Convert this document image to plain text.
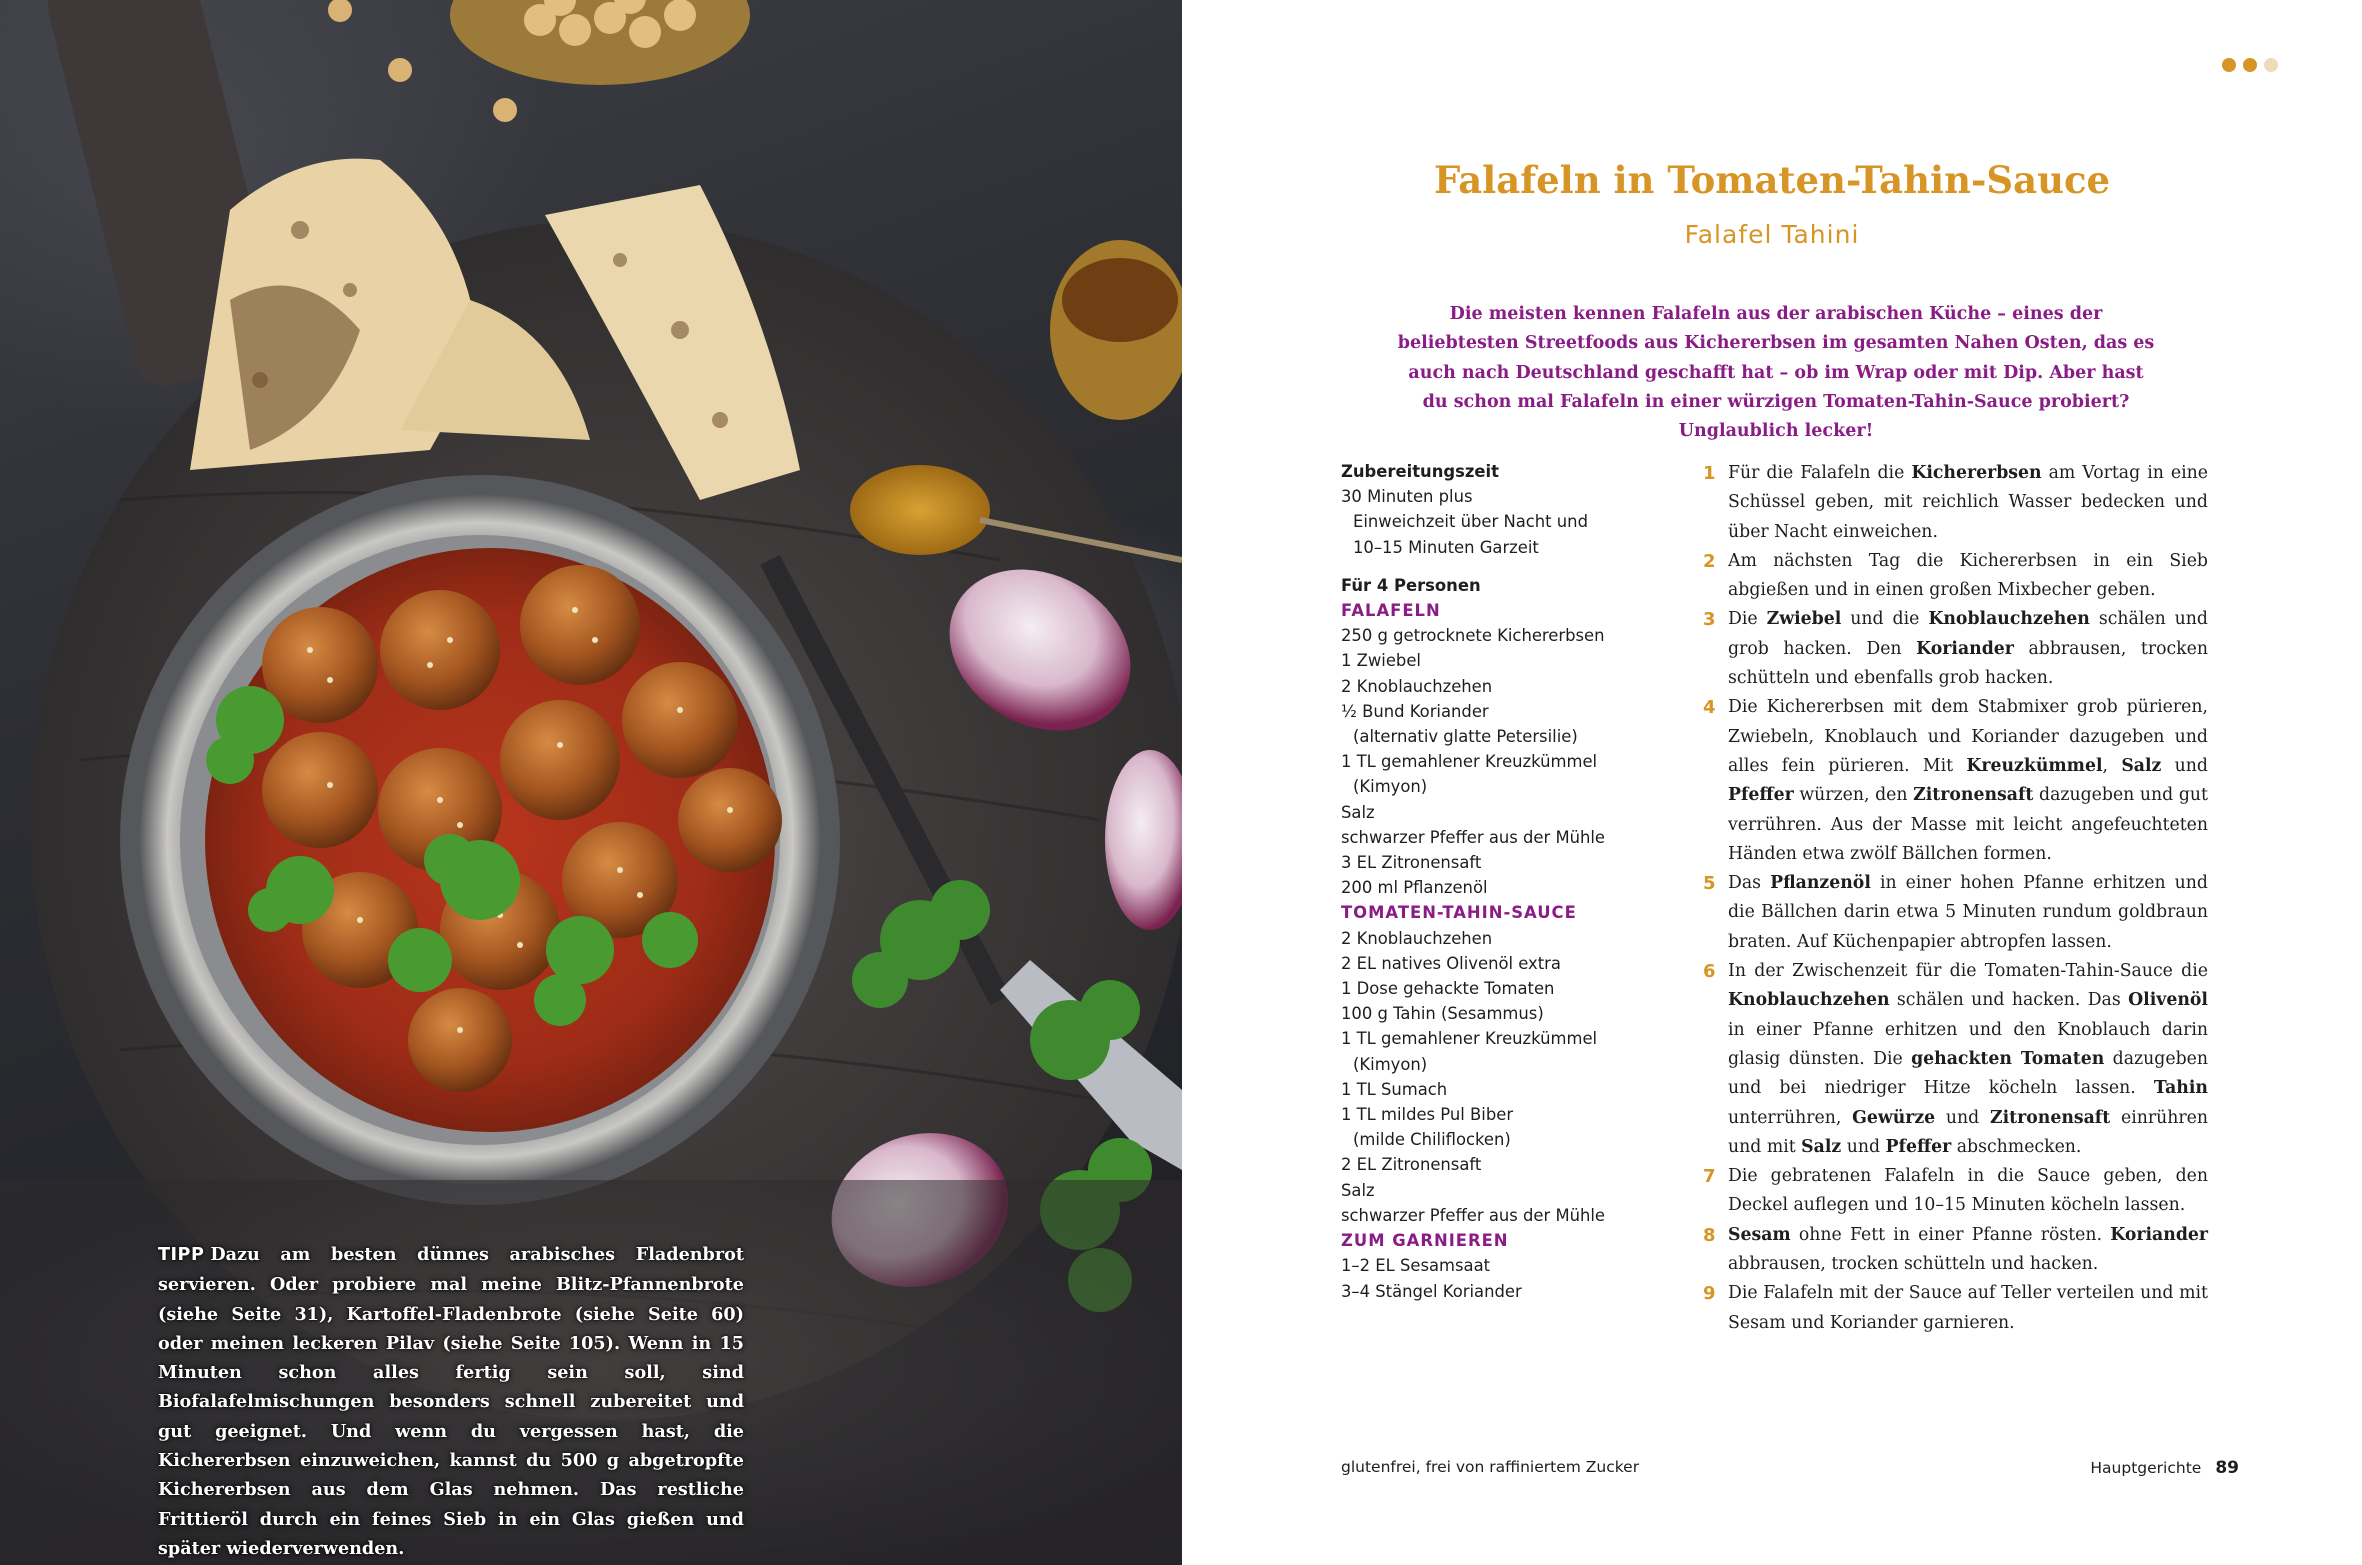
TIPP Dazu am besten dünnes arabisches Fladenbrot servieren. Oder probiere mal meine Blitz-Pfannenbrote (siehe Seite 31), Kartoffel-Fladenbrote (siehe Seite 60) oder meinen leckeren Pilav (siehe Seite 105). Wenn in 15 Minuten schon alles fertig sein soll, sind Biofalafelmischungen besonders schnell zubereitet und gut geeignet. Und wenn du vergessen hast, die Kichererbsen einzuweichen, kannst du 500 g abgetropfte Kichererbsen aus dem Glas nehmen. Das restliche Frittieröl durch ein feines Sieb in ein Glas gießen und später wiederverwenden.
Falafeln in Tomaten-Tahin-Sauce
Falafel Tahini
Die meisten kennen Falafeln aus der arabischen Küche – eines der beliebtesten Streetfoods aus Kichererbsen im gesamten Nahen Osten, das es auch nach Deutschland geschafft hat – ob im Wrap oder mit Dip. Aber hast du schon mal Falafeln in einer würzigen Tomaten-Tahin-Sauce probiert? Unglaublich lecker!
Zubereitungszeit
30 Minuten plus
Einweichzeit über Nacht und
10–15 Minuten Garzeit
Für 4 Personen
FALAFELN
250 g getrocknete Kichererbsen
1 Zwiebel
2 Knoblauchzehen
½ Bund Koriander
(alternativ glatte Petersilie)
1 TL gemahlener Kreuzkümmel
(Kimyon)
Salz
schwarzer Pfeffer aus der Mühle
3 EL Zitronensaft
200 ml Pflanzenöl
TOMATEN-TAHIN-SAUCE
2 Knoblauchzehen
2 EL natives Olivenöl extra
1 Dose gehackte Tomaten
100 g Tahin (Sesammus)
1 TL gemahlener Kreuzkümmel
(Kimyon)
1 TL Sumach
1 TL mildes Pul Biber
(milde Chiliflocken)
2 EL Zitronensaft
Salz
schwarzer Pfeffer aus der Mühle
ZUM GARNIEREN
1–2 EL Sesamsaat
3–4 Stängel Koriander
1 Für die Falafeln die Kichererbsen am Vortag in eine Schüssel geben, mit reichlich Wasser bedecken und über Nacht einweichen.
2 Am nächsten Tag die Kichererbsen in ein Sieb abgießen und in einen großen Mixbecher geben.
3 Die Zwiebel und die Knoblauchzehen schälen und grob hacken. Den Koriander abbrausen, trocken schütteln und ebenfalls grob hacken.
4 Die Kichererbsen mit dem Stabmixer grob pürieren, Zwiebeln, Knoblauch und Koriander dazugeben und alles fein pürieren. Mit Kreuzkümmel, Salz und Pfeffer würzen, den Zitronensaft dazugeben und gut verrühren. Aus der Masse mit leicht angefeuchteten Händen etwa zwölf Bällchen formen.
5 Das Pflanzenöl in einer hohen Pfanne erhitzen und die Bällchen darin etwa 5 Minuten rundum goldbraun braten. Auf Küchenpapier abtropfen lassen.
6 In der Zwischenzeit für die Tomaten-Tahin-Sauce die Knoblauchzehen schälen und hacken. Das Olivenöl in einer Pfanne erhitzen und den Knoblauch darin glasig dünsten. Die gehackten Tomaten dazugeben und bei niedriger Hitze köcheln lassen. Tahin unterrühren, Gewürze und Zitronensaft einrühren und mit Salz und Pfeffer abschmecken.
7 Die gebratenen Falafeln in die Sauce geben, den Deckel auflegen und 10–15 Minuten köcheln lassen.
8 Sesam ohne Fett in einer Pfanne rösten. Koriander abbrausen, trocken schütteln und hacken.
9 Die Falafeln mit der Sauce auf Teller verteilen und mit Sesam und Koriander garnieren.
glutenfrei, frei von raffiniertem Zucker	Hauptgerichte 89
